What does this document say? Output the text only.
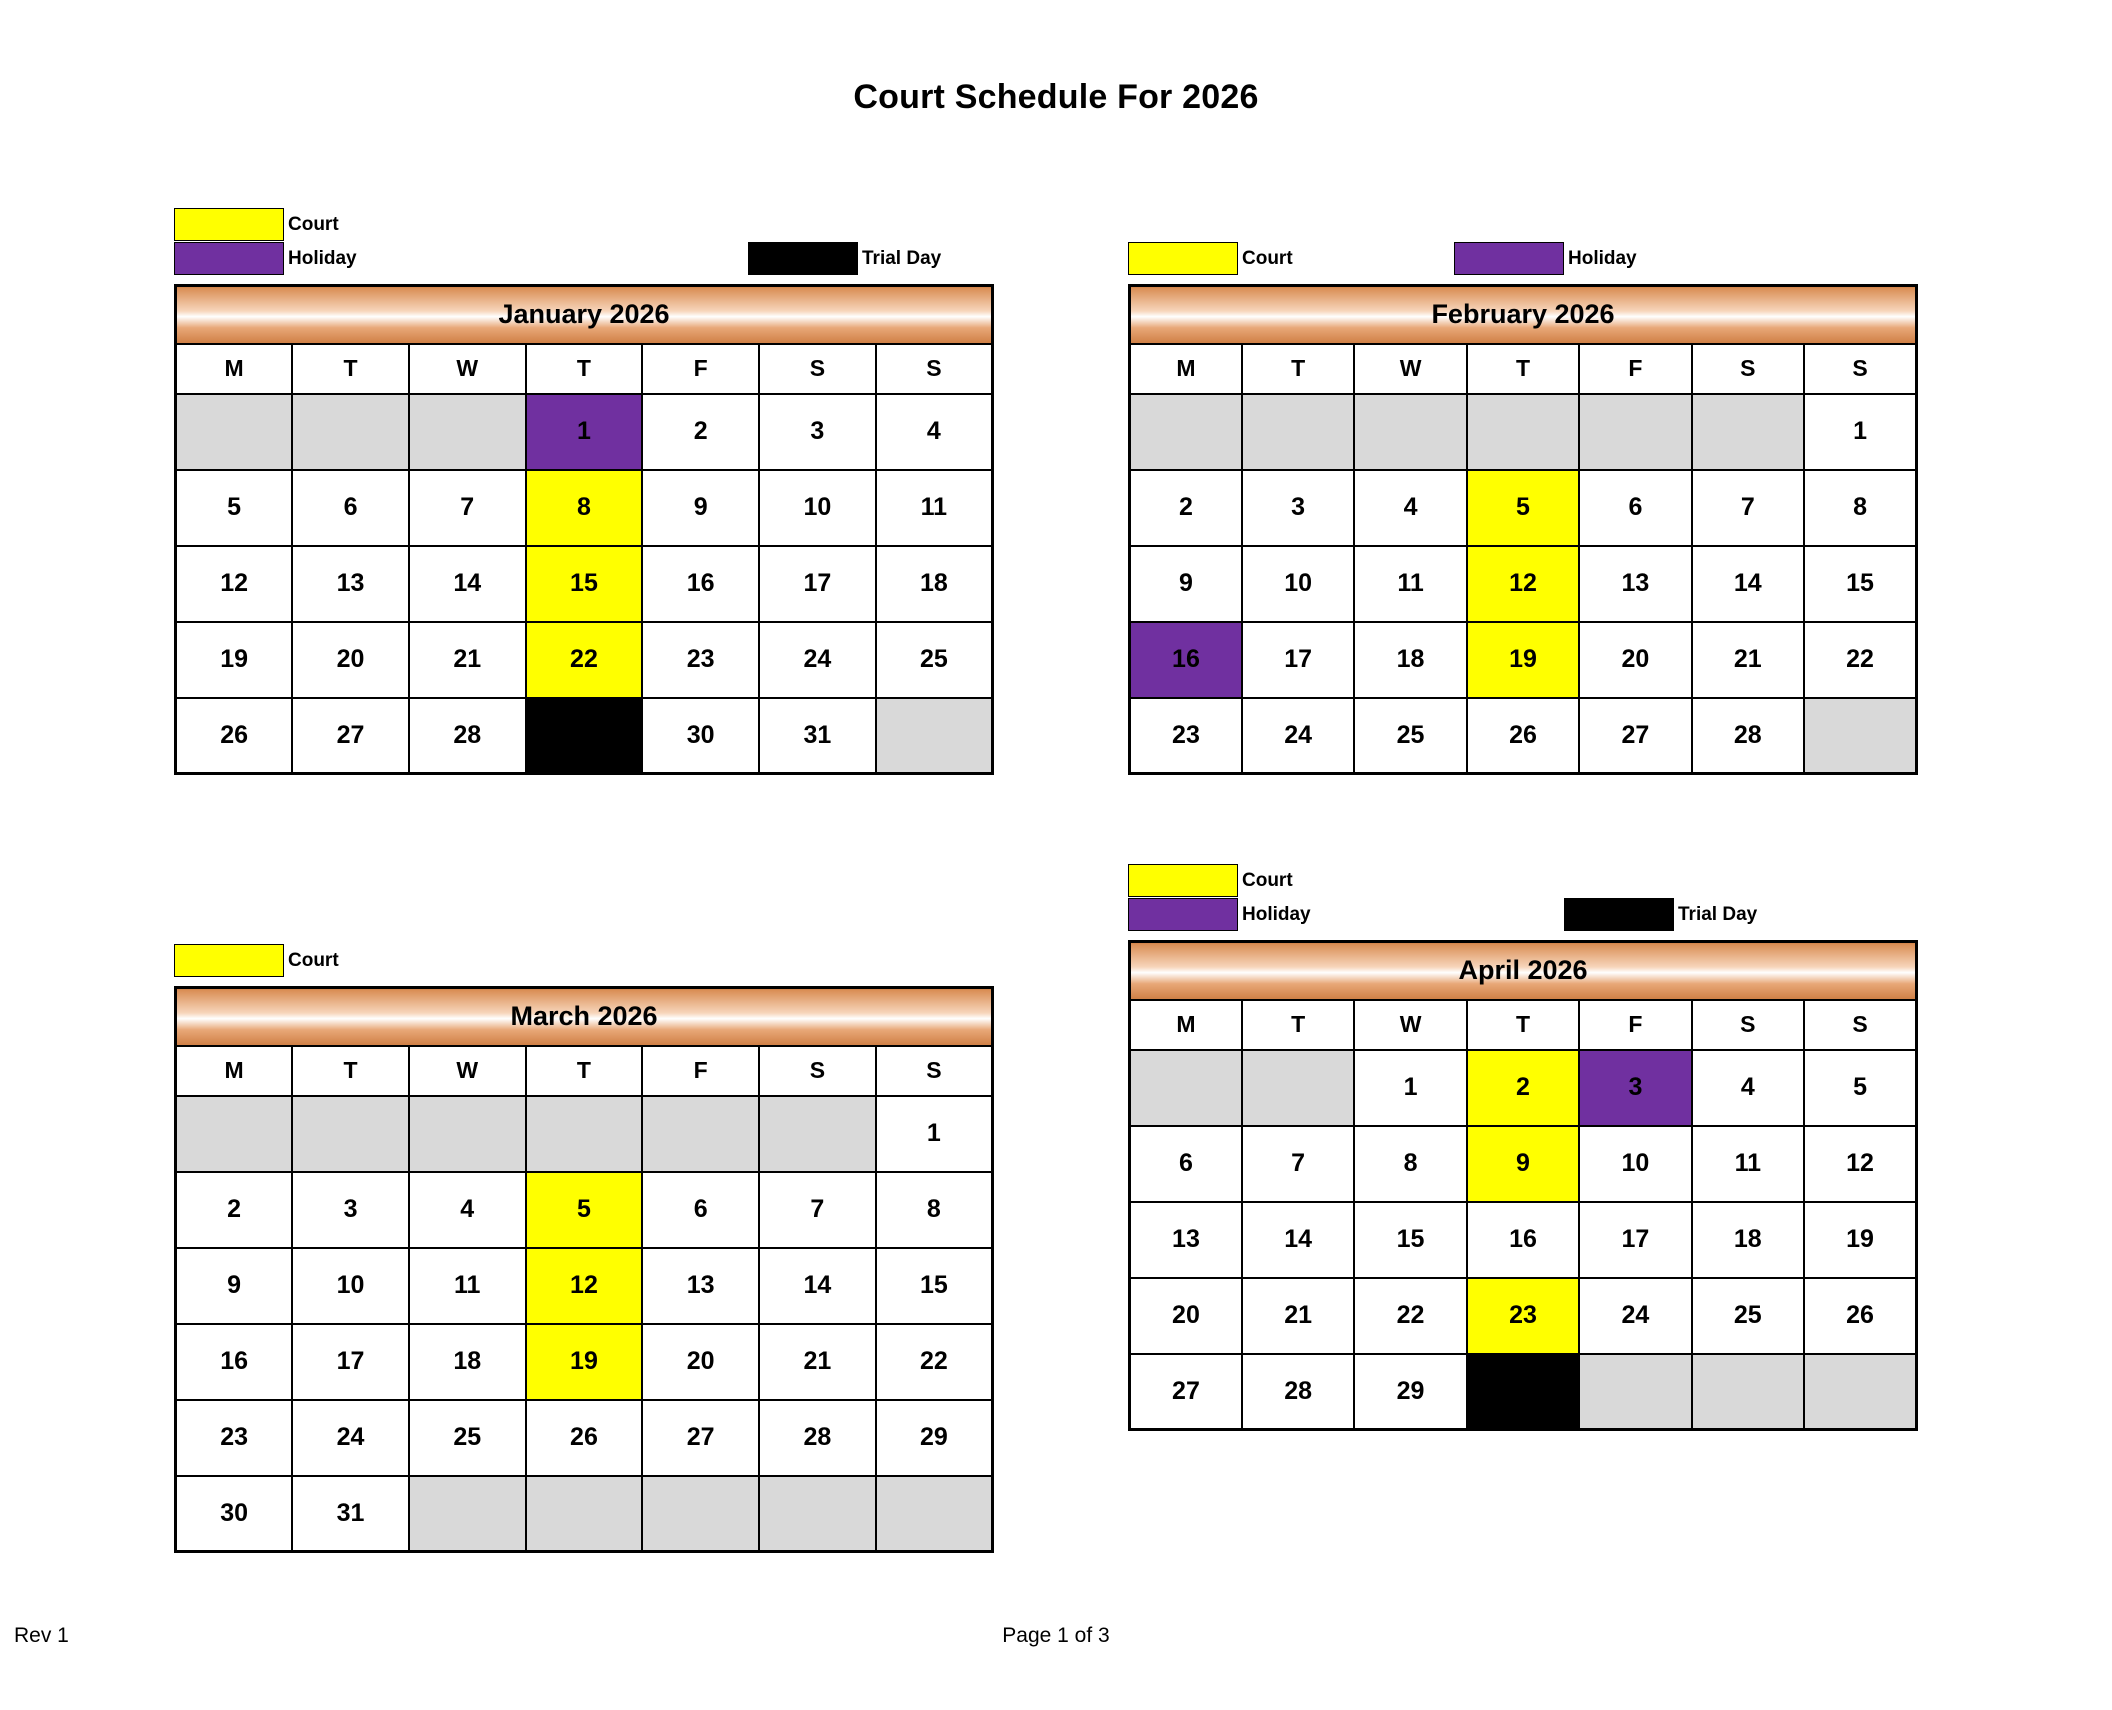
Court Schedule For 2026
Court
Holiday	Trial Day
January 2026						
M	T	W	T	F	S	S
			1	2	3	4
5	6	7	8	9	10	11
12	13	14	15	16	17	18
19	20	21	22	23	24	25
26	27	28	29	30	31	
Court	Holiday
February 2026						
M	T	W	T	F	S	S
						1
2	3	4	5	6	7	8
9	10	11	12	13	14	15
16	17	18	19	20	21	22
23	24	25	26	27	28	
Court
March 2026						
M	T	W	T	F	S	S
						1
2	3	4	5	6	7	8
9	10	11	12	13	14	15
16	17	18	19	20	21	22
23	24	25	26	27	28	29
30	31					
Court
Holiday	Trial Day
April 2026						
M	T	W	T	F	S	S
		1	2	3	4	5
6	7	8	9	10	11	12
13	14	15	16	17	18	19
20	21	22	23	24	25	26
27	28	29	30			
Rev 1	Page 1 of 3
